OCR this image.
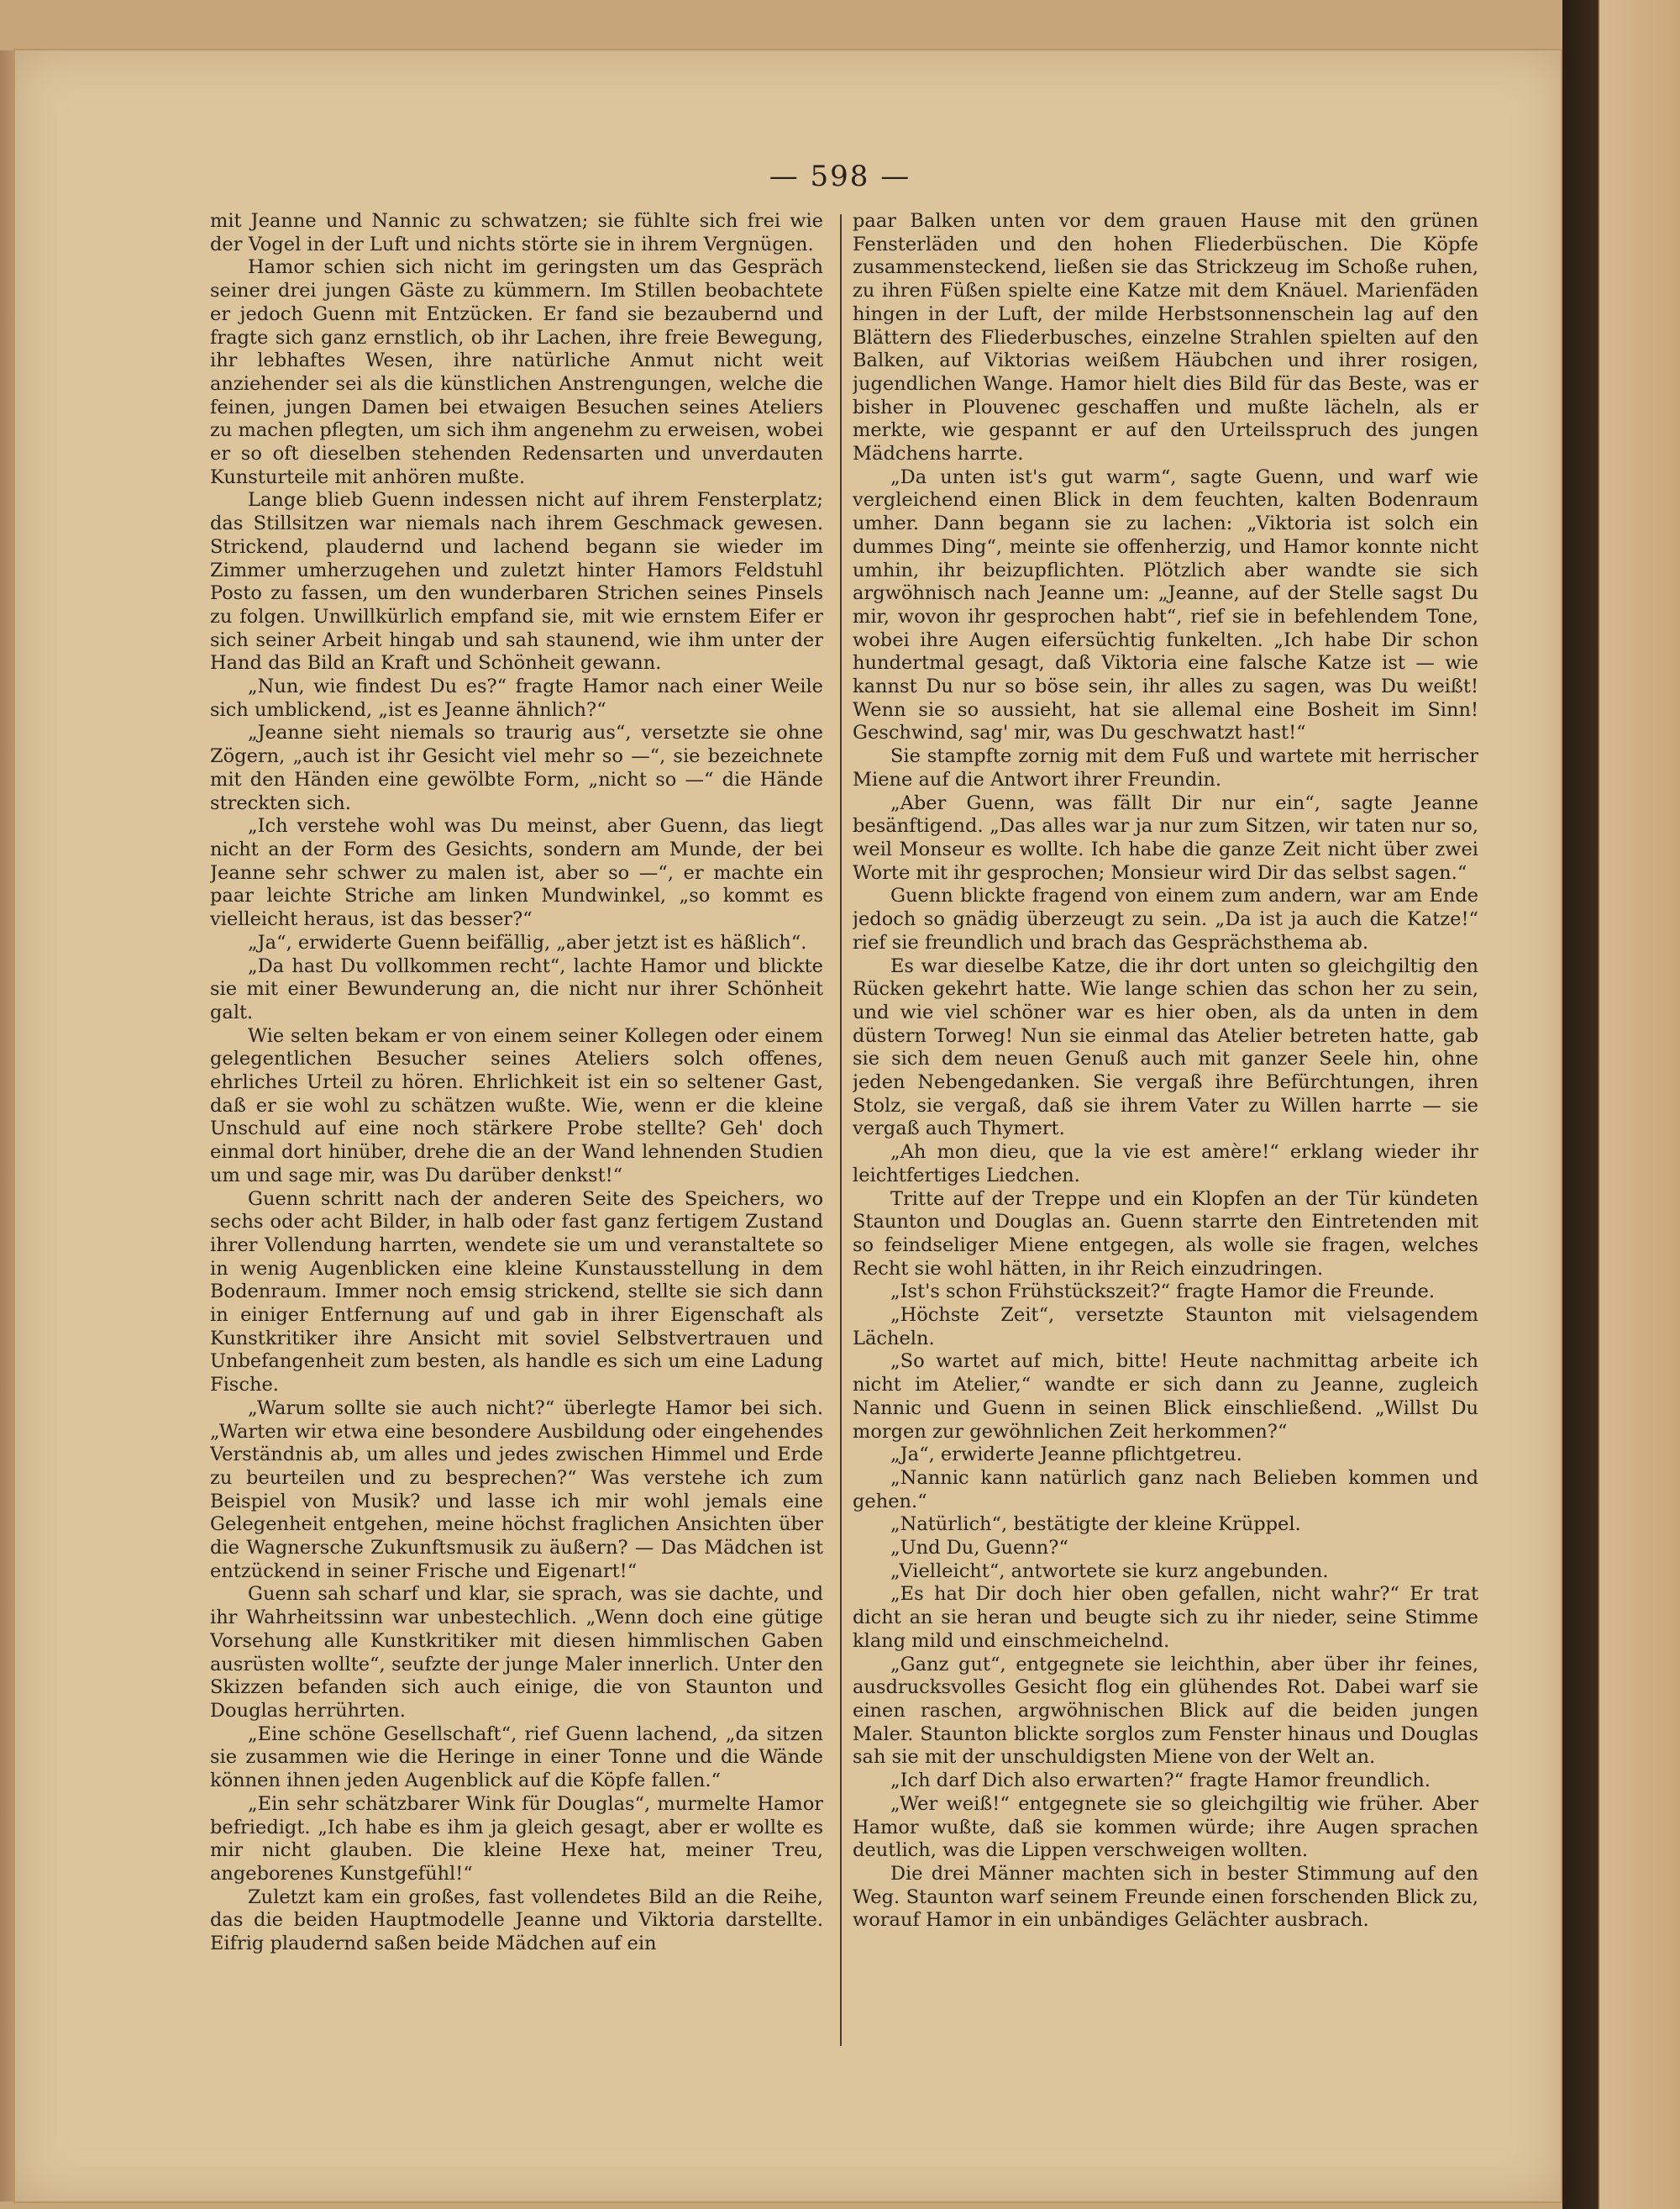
— 598 —

mit Jeanne und Nannic zu schwatzen; sie fühlte sich frei wie der Vogel in der Luft und nichts störte sie in ihrem Vergnügen.

Hamor schien sich nicht im geringsten um das Gespräch seiner drei jungen Gäste zu kümmern. Im Stillen beobachtete er jedoch Guenn mit Entzücken. Er fand sie bezaubernd und fragte sich ganz ernstlich, ob ihr Lachen, ihre freie Bewegung, ihr lebhaftes Wesen, ihre natürliche Anmut nicht weit anziehender sei als die künstlichen Anstrengungen, welche die feinen, jungen Damen bei etwaigen Besuchen seines Ateliers zu machen pflegten, um sich ihm angenehm zu erweisen, wobei er so oft dieselben stehenden Redensarten und unverdauten Kunsturteile mit anhören mußte.

Lange blieb Guenn indessen nicht auf ihrem Fensterplatz; das Stillsitzen war niemals nach ihrem Geschmack gewesen. Strickend, plaudernd und lachend begann sie wieder im Zimmer umherzugehen und zuletzt hinter Hamors Feldstuhl Posto zu fassen, um den wunderbaren Strichen seines Pinsels zu folgen. Unwillkürlich empfand sie, mit wie ernstem Eifer er sich seiner Arbeit hingab und sah staunend, wie ihm unter der Hand das Bild an Kraft und Schönheit gewann.

„Nun, wie findest Du es?“ fragte Hamor nach einer Weile sich umblickend, „ist es Jeanne ähnlich?“

„Jeanne sieht niemals so traurig aus“, versetzte sie ohne Zögern, „auch ist ihr Gesicht viel mehr so —“, sie bezeichnete mit den Händen eine gewölbte Form, „nicht so —“ die Hände streckten sich.

„Ich verstehe wohl was Du meinst, aber Guenn, das liegt nicht an der Form des Gesichts, sondern am Munde, der bei Jeanne sehr schwer zu malen ist, aber so —“, er machte ein paar leichte Striche am linken Mundwinkel, „so kommt es vielleicht heraus, ist das besser?“

„Ja“, erwiderte Guenn beifällig, „aber jetzt ist es häßlich“.

„Da hast Du vollkommen recht“, lachte Hamor und blickte sie mit einer Bewunderung an, die nicht nur ihrer Schönheit galt.

Wie selten bekam er von einem seiner Kollegen oder einem gelegentlichen Besucher seines Ateliers solch offenes, ehrliches Urteil zu hören. Ehrlichkeit ist ein so seltener Gast, daß er sie wohl zu schätzen wußte. Wie, wenn er die kleine Unschuld auf eine noch stärkere Probe stellte? Geh' doch einmal dort hinüber, drehe die an der Wand lehnenden Studien um und sage mir, was Du darüber denkst!“

Guenn schritt nach der anderen Seite des Speichers, wo sechs oder acht Bilder, in halb oder fast ganz fertigem Zustand ihrer Vollendung harrten, wendete sie um und veranstaltete so in wenig Augenblicken eine kleine Kunstausstellung in dem Bodenraum. Immer noch emsig strickend, stellte sie sich dann in einiger Entfernung auf und gab in ihrer Eigenschaft als Kunstkritiker ihre Ansicht mit soviel Selbstvertrauen und Unbefangenheit zum besten, als handle es sich um eine Ladung Fische.

„Warum sollte sie auch nicht?“ überlegte Hamor bei sich. „Warten wir etwa eine besondere Ausbildung oder eingehendes Verständnis ab, um alles und jedes zwischen Himmel und Erde zu beurteilen und zu besprechen?“ Was verstehe ich zum Beispiel von Musik? und lasse ich mir wohl jemals eine Gelegenheit entgehen, meine höchst fraglichen Ansichten über die Wagnersche Zukunftsmusik zu äußern? — Das Mädchen ist entzückend in seiner Frische und Eigenart!“

Guenn sah scharf und klar, sie sprach, was sie dachte, und ihr Wahrheitssinn war unbestechlich. „Wenn doch eine gütige Vorsehung alle Kunstkritiker mit diesen himmlischen Gaben ausrüsten wollte“, seufzte der junge Maler innerlich. Unter den Skizzen befanden sich auch einige, die von Staunton und Douglas herrührten.

„Eine schöne Gesellschaft“, rief Guenn lachend, „da sitzen sie zusammen wie die Heringe in einer Tonne und die Wände können ihnen jeden Augenblick auf die Köpfe fallen.“

„Ein sehr schätzbarer Wink für Douglas“, murmelte Hamor befriedigt. „Ich habe es ihm ja gleich gesagt, aber er wollte es mir nicht glauben. Die kleine Hexe hat, meiner Treu, angeborenes Kunstgefühl!“

Zuletzt kam ein großes, fast vollendetes Bild an die Reihe, das die beiden Hauptmodelle Jeanne und Viktoria darstellte. Eifrig plaudernd saßen beide Mädchen auf ein

paar Balken unten vor dem grauen Hause mit den grünen Fensterläden und den hohen Fliederbüschen. Die Köpfe zusammensteckend, ließen sie das Strickzeug im Schoße ruhen, zu ihren Füßen spielte eine Katze mit dem Knäuel. Marienfäden hingen in der Luft, der milde Herbstsonnenschein lag auf den Blättern des Fliederbusches, einzelne Strahlen spielten auf den Balken, auf Viktorias weißem Häubchen und ihrer rosigen, jugendlichen Wange. Hamor hielt dies Bild für das Beste, was er bisher in Plouvenec geschaffen und mußte lächeln, als er merkte, wie gespannt er auf den Urteilsspruch des jungen Mädchens harrte.

„Da unten ist's gut warm“, sagte Guenn, und warf wie vergleichend einen Blick in dem feuchten, kalten Bodenraum umher. Dann begann sie zu lachen: „Viktoria ist solch ein dummes Ding“, meinte sie offenherzig, und Hamor konnte nicht umhin, ihr beizupflichten. Plötzlich aber wandte sie sich argwöhnisch nach Jeanne um: „Jeanne, auf der Stelle sagst Du mir, wovon ihr gesprochen habt“, rief sie in befehlendem Tone, wobei ihre Augen eifersüchtig funkelten. „Ich habe Dir schon hundertmal gesagt, daß Viktoria eine falsche Katze ist — wie kannst Du nur so böse sein, ihr alles zu sagen, was Du weißt! Wenn sie so aussieht, hat sie allemal eine Bosheit im Sinn! Geschwind, sag' mir, was Du geschwatzt hast!“

Sie stampfte zornig mit dem Fuß und wartete mit herrischer Miene auf die Antwort ihrer Freundin.

„Aber Guenn, was fällt Dir nur ein“, sagte Jeanne besänftigend. „Das alles war ja nur zum Sitzen, wir taten nur so, weil Monseur es wollte. Ich habe die ganze Zeit nicht über zwei Worte mit ihr gesprochen; Monsieur wird Dir das selbst sagen.“

Guenn blickte fragend von einem zum andern, war am Ende jedoch so gnädig überzeugt zu sein. „Da ist ja auch die Katze!“ rief sie freundlich und brach das Gesprächsthema ab.

Es war dieselbe Katze, die ihr dort unten so gleichgiltig den Rücken gekehrt hatte. Wie lange schien das schon her zu sein, und wie viel schöner war es hier oben, als da unten in dem düstern Torweg! Nun sie einmal das Atelier betreten hatte, gab sie sich dem neuen Genuß auch mit ganzer Seele hin, ohne jeden Nebengedanken. Sie vergaß ihre Befürchtungen, ihren Stolz, sie vergaß, daß sie ihrem Vater zu Willen harrte — sie vergaß auch Thymert.

„Ah mon dieu, que la vie est amère!“ erklang wieder ihr leichtfertiges Liedchen.

Tritte auf der Treppe und ein Klopfen an der Tür kündeten Staunton und Douglas an. Guenn starrte den Eintretenden mit so feindseliger Miene entgegen, als wolle sie fragen, welches Recht sie wohl hätten, in ihr Reich einzudringen.

„Ist's schon Frühstückszeit?“ fragte Hamor die Freunde.

„Höchste Zeit“, versetzte Staunton mit vielsagendem Lächeln.

„So wartet auf mich, bitte! Heute nachmittag arbeite ich nicht im Atelier,“ wandte er sich dann zu Jeanne, zugleich Nannic und Guenn in seinen Blick einschließend. „Willst Du morgen zur gewöhnlichen Zeit herkommen?“

„Ja“, erwiderte Jeanne pflichtgetreu.

„Nannic kann natürlich ganz nach Belieben kommen und gehen.“

„Natürlich“, bestätigte der kleine Krüppel.

„Und Du, Guenn?“

„Vielleicht“, antwortete sie kurz angebunden.

„Es hat Dir doch hier oben gefallen, nicht wahr?“ Er trat dicht an sie heran und beugte sich zu ihr nieder, seine Stimme klang mild und einschmeichelnd.

„Ganz gut“, entgegnete sie leichthin, aber über ihr feines, ausdrucksvolles Gesicht flog ein glühendes Rot. Dabei warf sie einen raschen, argwöhnischen Blick auf die beiden jungen Maler. Staunton blickte sorglos zum Fenster hinaus und Douglas sah sie mit der unschuldigsten Miene von der Welt an.

„Ich darf Dich also erwarten?“ fragte Hamor freundlich.

„Wer weiß!“ entgegnete sie so gleichgiltig wie früher. Aber Hamor wußte, daß sie kommen würde; ihre Augen sprachen deutlich, was die Lippen verschweigen wollten.

Die drei Männer machten sich in bester Stimmung auf den Weg. Staunton warf seinem Freunde einen forschenden Blick zu, worauf Hamor in ein unbändiges Gelächter ausbrach.
